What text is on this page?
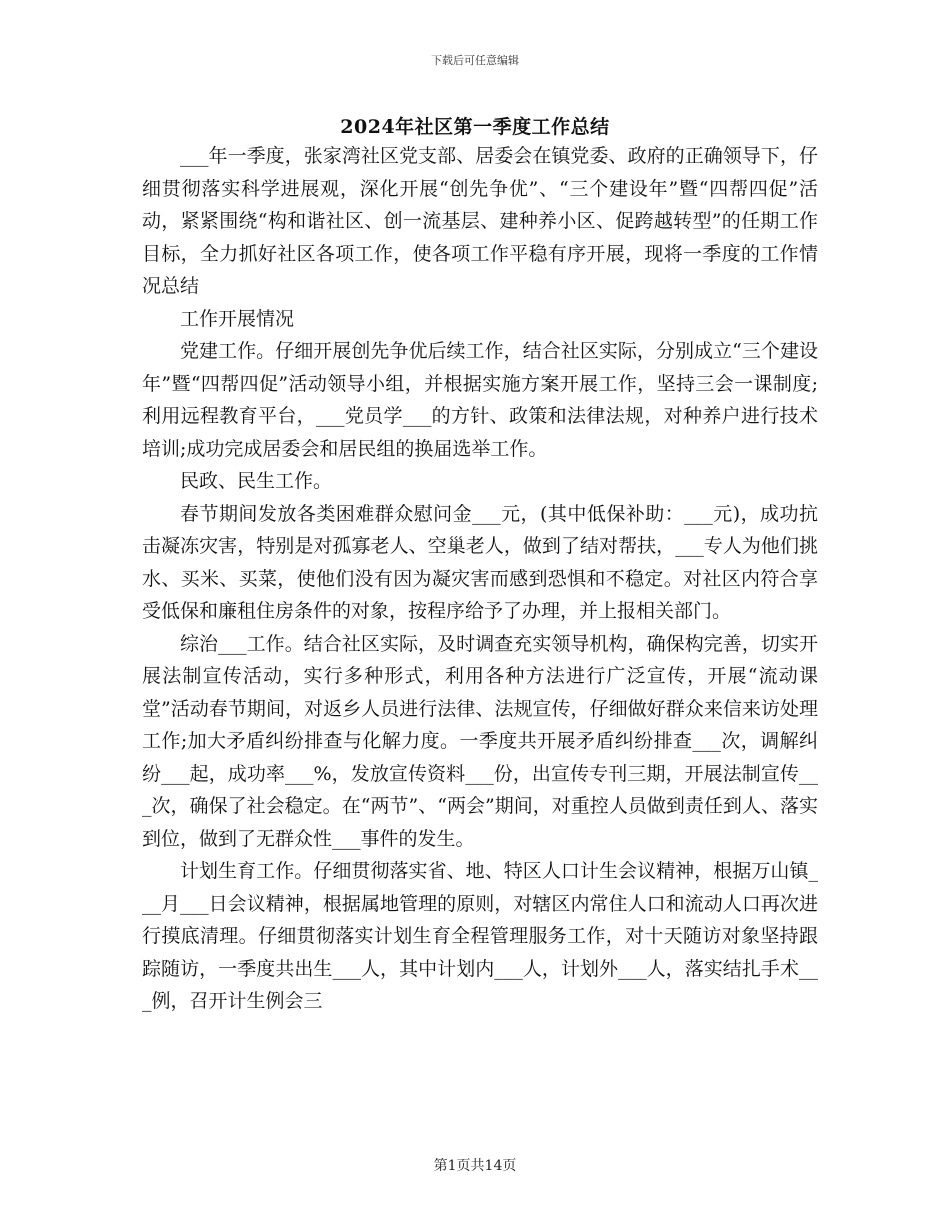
下载后可任意编辑
2024年社区第一季度工作总结

___年一季度，张家湾社区党支部、居委会在镇党委、政府的正确领导下，仔细贯彻落实科学进展观，深化开展“创先争优”、“三个建设年”暨“四帮四促”活动，紧紧围绕“构和谐社区、创一流基层、建种养小区、促跨越转型”的任期工作目标，全力抓好社区各项工作，使各项工作平稳有序开展，现将一季度的工作情况总结

工作开展情况

党建工作。仔细开展创先争优后续工作，结合社区实际，分别成立“三个建设年”暨“四帮四促”活动领导小组，并根据实施方案开展工作，坚持三会一课制度;利用远程教育平台，___党员学___的方针、政策和法律法规，对种养户进行技术培训;成功完成居委会和居民组的换届选举工作。

民政、民生工作。

春节期间发放各类困难群众慰问金___元，(其中低保补助：___元)，成功抗击凝冻灾害，特别是对孤寡老人、空巢老人，做到了结对帮扶，___专人为他们挑水、买米、买菜，使他们没有因为凝灾害而感到恐惧和不稳定。对社区内符合享受低保和廉租住房条件的对象，按程序给予了办理，并上报相关部门。

综治___工作。结合社区实际，及时调查充实领导机构，确保构完善，切实开展法制宣传活动，实行多种形式，利用各种方法进行广泛宣传，开展“流动课堂”活动春节期间，对返乡人员进行法律、法规宣传，仔细做好群众来信来访处理工作;加大矛盾纠纷排查与化解力度。一季度共开展矛盾纠纷排查___次，调解纠纷___起，成功率___%，发放宣传资料___份，出宣传专刊三期，开展法制宣传___次，确保了社会稳定。在“两节”、“两会”期间，对重控人员做到责任到人、落实到位，做到了无群众性___事件的发生。

计划生育工作。仔细贯彻落实省、地、特区人口计生会议精神，根据万山镇___月___日会议精神，根据属地管理的原则，对辖区内常住人口和流动人口再次进行摸底清理。仔细贯彻落实计划生育全程管理服务工作，对十天随访对象坚持跟踪随访，一季度共出生___人，其中计划内___人，计划外___人，落实结扎手术___例，召开计生例会三

第1页共14页
